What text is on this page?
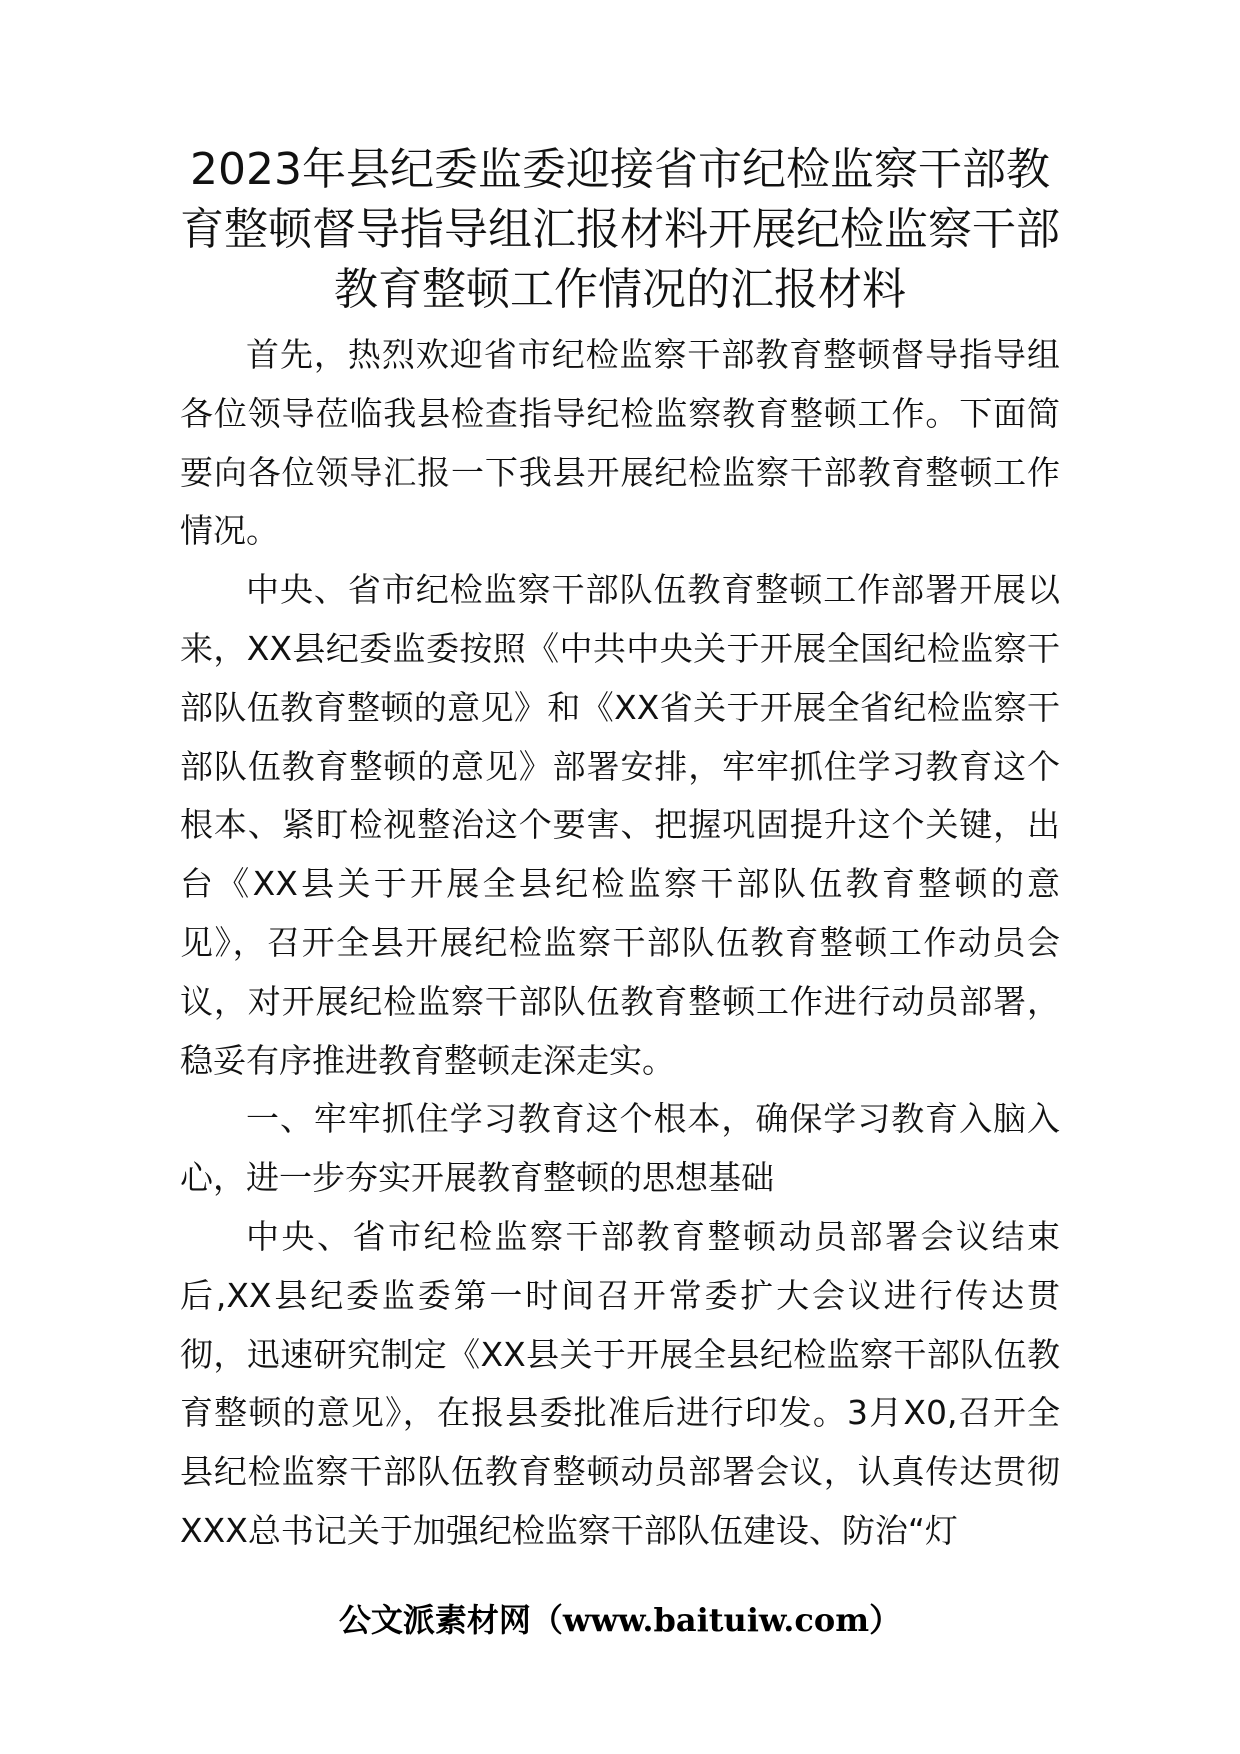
2023年县纪委监委迎接省市纪检监察干部教育整顿督导指导组汇报材料开展纪检监察干部教育整顿工作情况的汇报材料

首先，热烈欢迎省市纪检监察干部教育整顿督导指导组各位领导莅临我县检查指导纪检监察教育整顿工作。下面简要向各位领导汇报一下我县开展纪检监察干部教育整顿工作情况。

中央、省市纪检监察干部队伍教育整顿工作部署开展以来，XX县纪委监委按照《中共中央关于开展全国纪检监察干部队伍教育整顿的意见》和《XX省关于开展全省纪检监察干部队伍教育整顿的意见》部署安排，牢牢抓住学习教育这个根本、紧盯检视整治这个要害、把握巩固提升这个关键，出台《XX县关于开展全县纪检监察干部队伍教育整顿的意见》，召开全县开展纪检监察干部队伍教育整顿工作动员会议，对开展纪检监察干部队伍教育整顿工作进行动员部署，稳妥有序推进教育整顿走深走实。

一、牢牢抓住学习教育这个根本，确保学习教育入脑入心，进一步夯实开展教育整顿的思想基础

中央、省市纪检监察干部教育整顿动员部署会议结束后,XX县纪委监委第一时间召开常委扩大会议进行传达贯彻，迅速研究制定《XX县关于开展全县纪检监察干部队伍教育整顿的意见》，在报县委批准后进行印发。3月X0,召开全县纪检监察干部队伍教育整顿动员部署会议，认真传达贯彻XXX总书记关于加强纪检监察干部队伍建设、防治“灯

公文派素材网（www.baituiw.com）
